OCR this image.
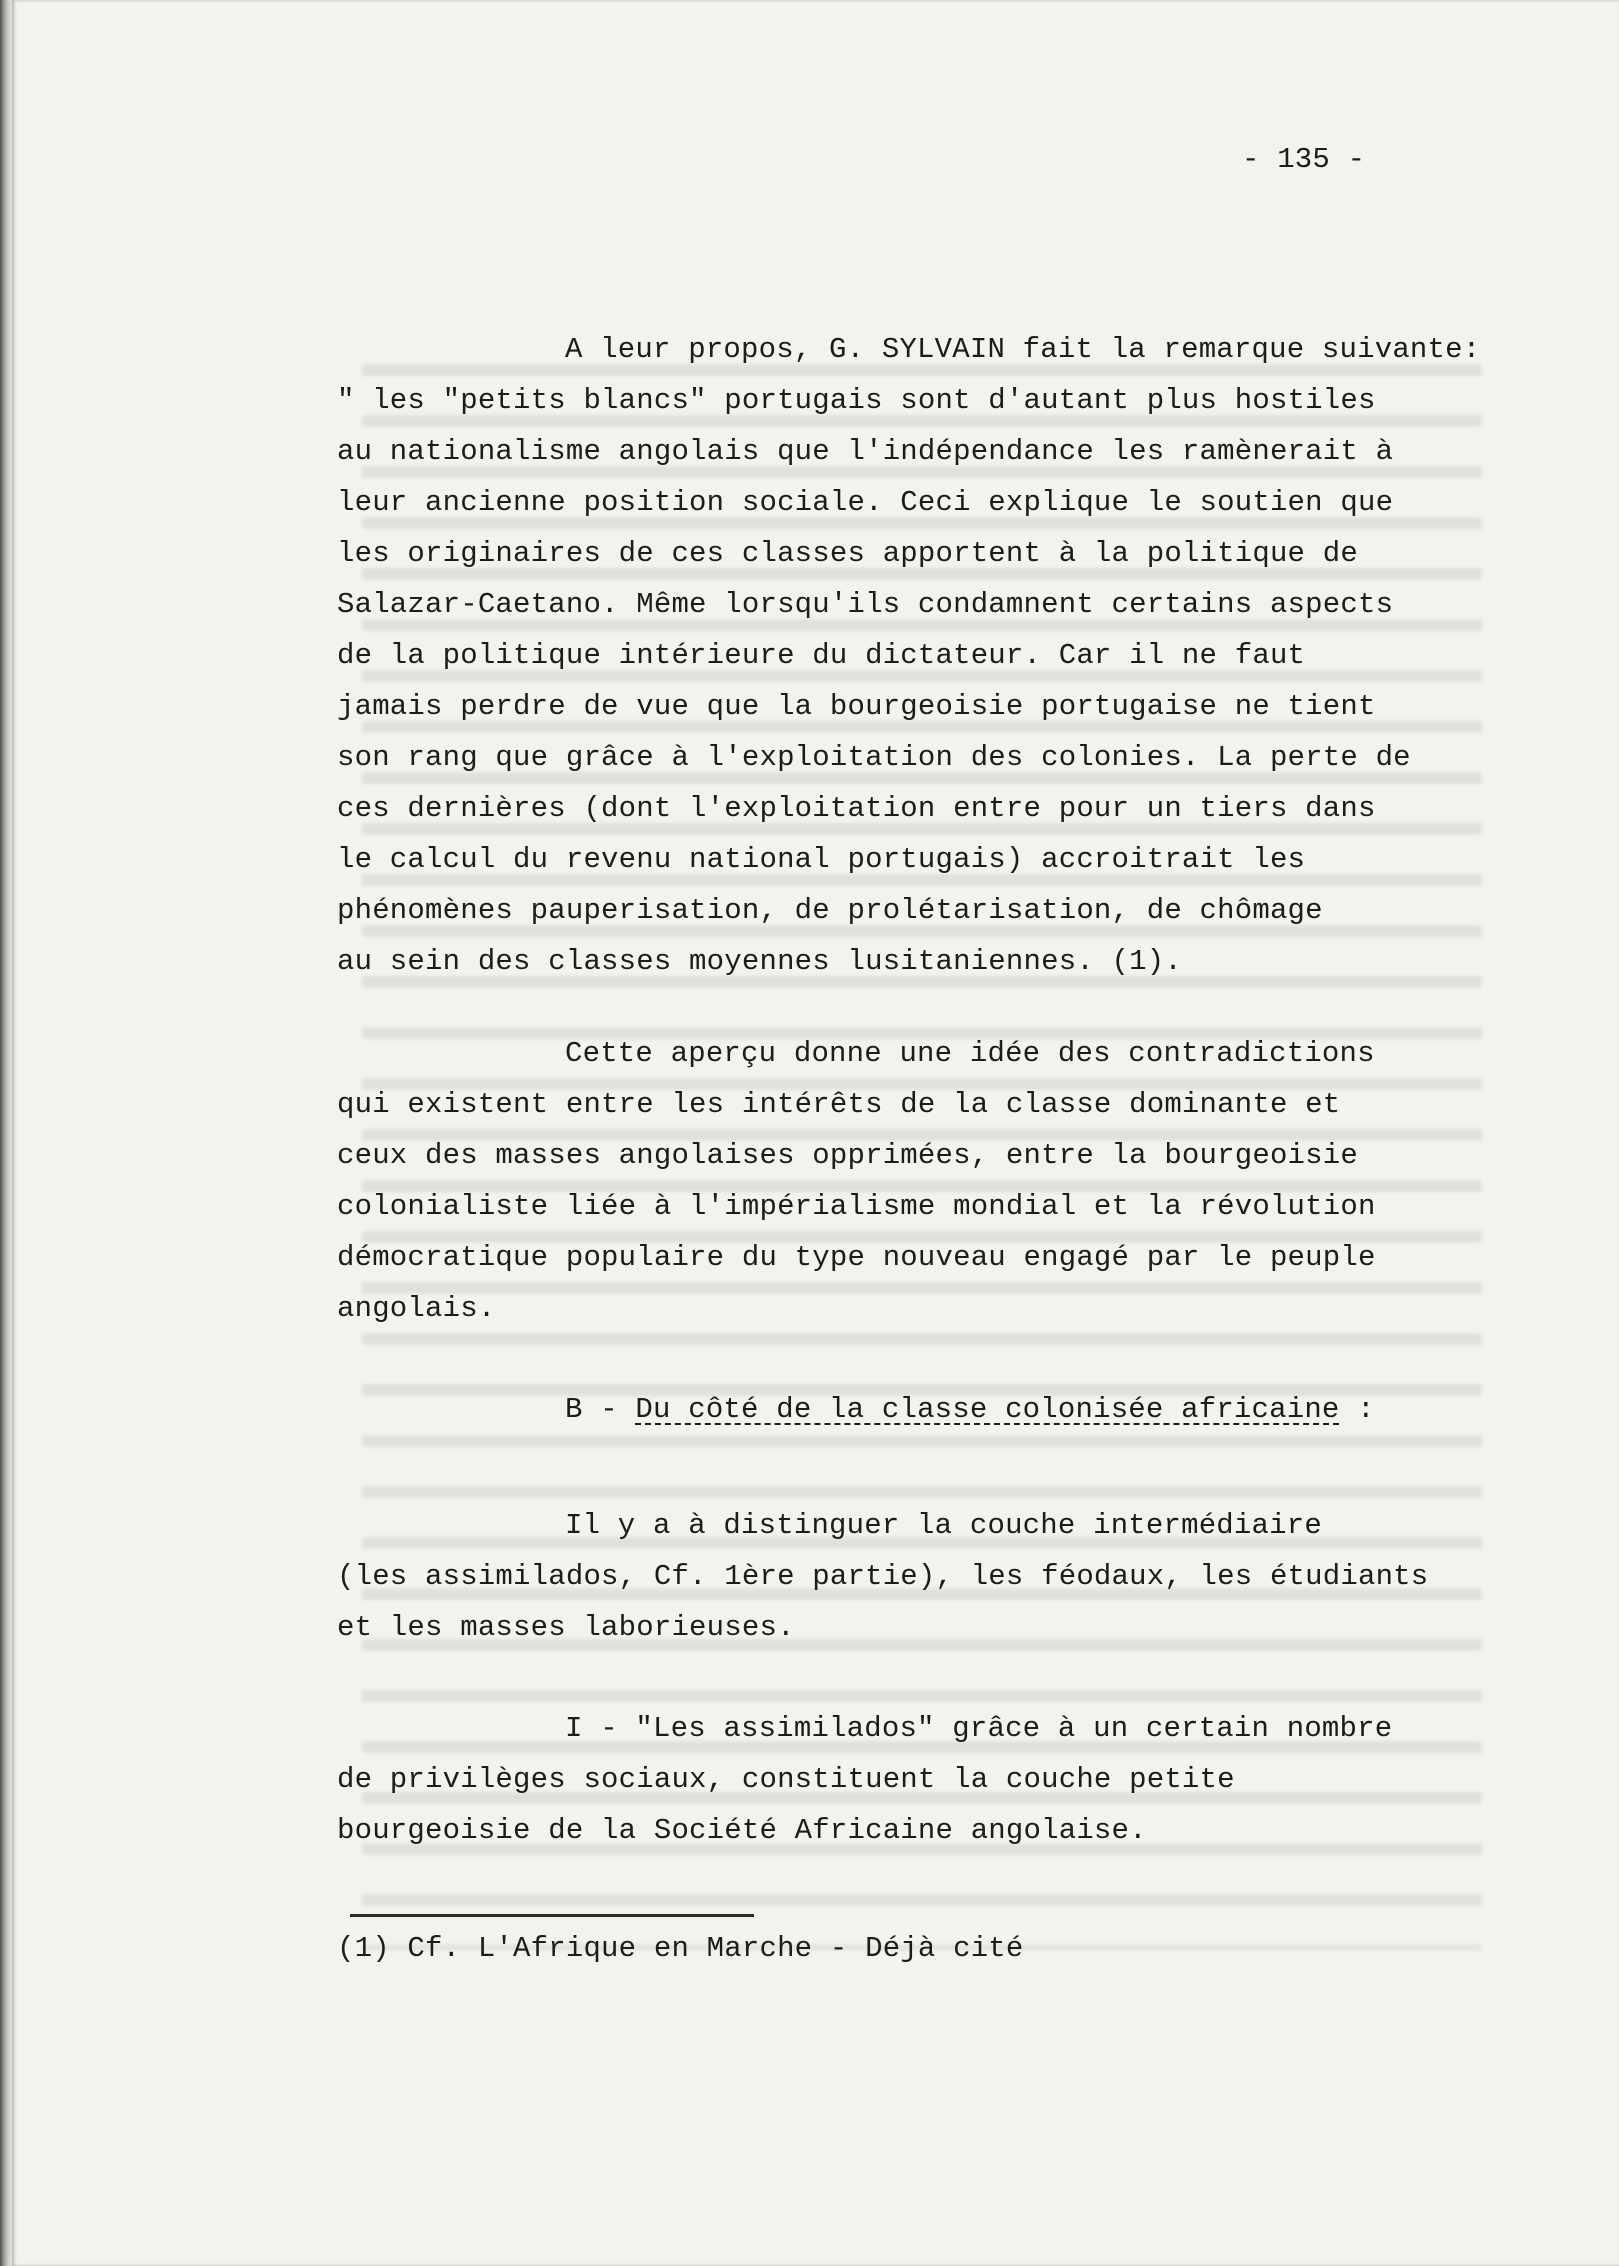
- 135 -
A leur propos, G. SYLVAIN fait la remarque suivante:
" les "petits blancs" portugais sont d'autant plus hostiles
au nationalisme angolais que l'indépendance les ramènerait à
leur ancienne position sociale. Ceci explique le soutien que
les originaires de ces classes apportent à la politique de
Salazar-Caetano. Même lorsqu'ils condamnent certains aspects
de la politique intérieure du dictateur. Car il ne faut
jamais perdre de vue que la bourgeoisie portugaise ne tient
son rang que grâce à l'exploitation des colonies. La perte de
ces dernières (dont l'exploitation entre pour un tiers dans
le calcul du revenu national portugais) accroitrait les
phénomènes pauperisation, de prolétarisation, de chômage
au sein des classes moyennes lusitaniennes. (1).
Cette aperçu donne une idée des contradictions
qui existent entre les intérêts de la classe dominante et
ceux des masses angolaises opprimées, entre la bourgeoisie
colonialiste liée à l'impérialisme mondial et la révolution
démocratique populaire du type nouveau engagé par le peuple
angolais.
B - Du côté de la classe colonisée africaine :
Il y a à distinguer la couche intermédiaire
(les assimilados, Cf. 1ère partie), les féodaux, les étudiants
et les masses laborieuses.
I - "Les assimilados" grâce à un certain nombre
de privilèges sociaux, constituent la couche petite
bourgeoisie de la Société Africaine angolaise.
(1) Cf. L'Afrique en Marche - Déjà cité
